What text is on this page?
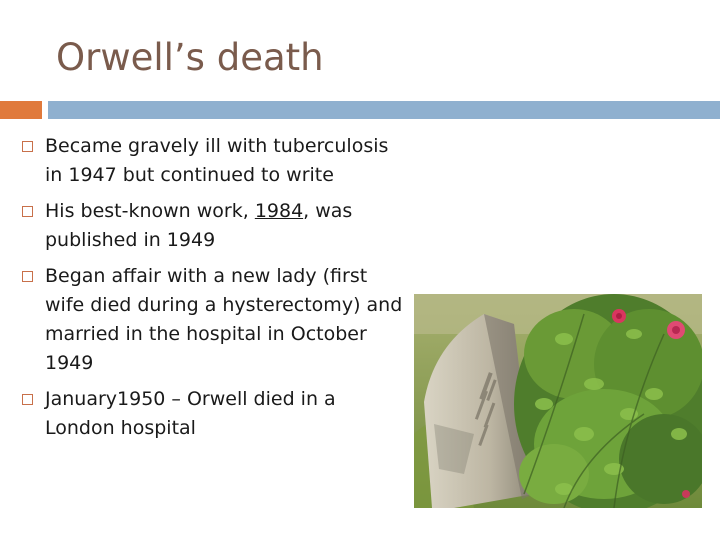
Orwell’s death
Became gravely ill with tuberculosis in 1947 but continued to write
His best-known work, 1984, was published in 1949
Began affair with a new lady (first wife died during a hysterectomy) and married in the hospital in October 1949
January1950 – Orwell died in a London hospital
